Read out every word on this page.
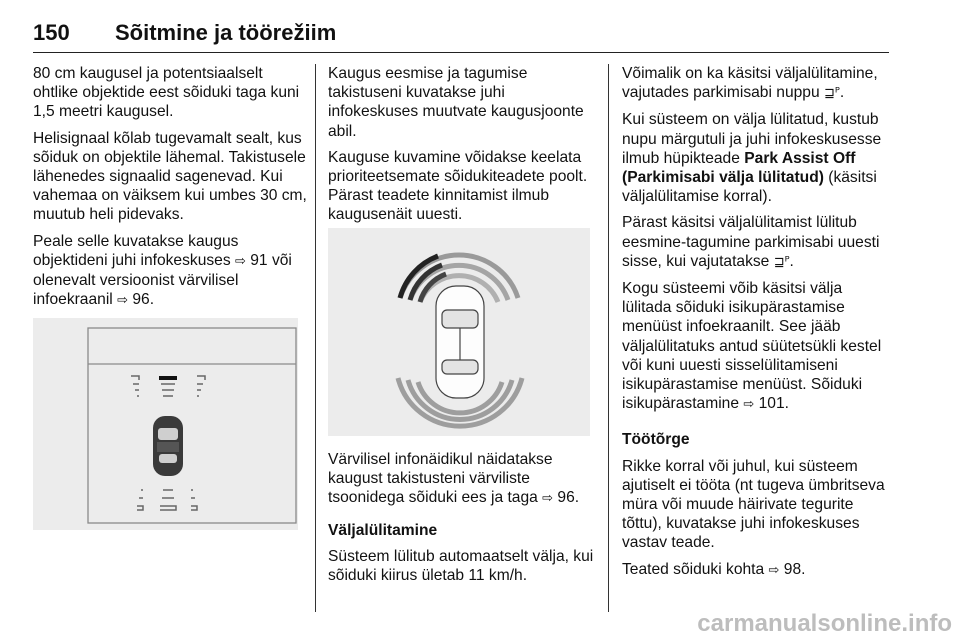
150 Sõitmine ja töörežiim

80 cm kaugusel ja potentsiaalselt ohtlike objektide eest sõiduki taga kuni 1,5 meetri kaugusel.

Helisignaal kõlab tugevamalt sealt, kus sõiduk on objektile lähemal. Takistusele lähenedes signaalid sagenevad. Kui vahemaa on väiksem kui umbes 30 cm, muutub heli pidevaks.

Peale selle kuvatakse kaugus objektideni juhi infokeskuses ⇨ 91 või olenevalt versioonist värvilisel infoekraanil ⇨ 96.

Kaugus eesmise ja tagumise takistuseni kuvatakse juhi infokeskuses muutvate kaugusjoonte abil.

Kauguse kuvamine võidakse keelata prioriteetsemate sõidukiteadete poolt. Pärast teadete kinnitamist ilmub kaugusenäit uuesti.

Värvilisel infonäidikul näidatakse kaugust takistusteni värviliste tsoonidega sõiduki ees ja taga ⇨ 96.

Väljalülitamine

Süsteem lülitub automaatselt välja, kui sõiduki kiirus ületab 11 km/h.

Võimalik on ka käsitsi väljalülitamine, vajutades parkimisabi nuppu ⊒ᴾ.

Kui süsteem on välja lülitatud, kustub nupu märgutuli ja juhi infokeskusesse ilmub hüpikteade Park Assist Off (Parkimisabi välja lülitatud) (käsitsi väljalülitamise korral).

Pärast käsitsi väljalülitamist lülitub eesmine-tagumine parkimisabi uuesti sisse, kui vajutatakse ⊒ᴾ.

Kogu süsteemi võib käsitsi välja lülitada sõiduki isikupärastamise menüüst infoekraanilt. See jääb väljalülitatuks antud süütetsükli kestel või kuni uuesti sisselülitamiseni isikupärastamise menüüst. Sõiduki isikupärastamine ⇨ 101.

Töötõrge

Rikke korral või juhul, kui süsteem ajutiselt ei tööta (nt tugeva ümbritseva müra või muude häirivate tegurite tõttu), kuvatakse juhi infokeskuses vastav teade.

Teated sõiduki kohta ⇨ 98.

carmanualsonline.info
